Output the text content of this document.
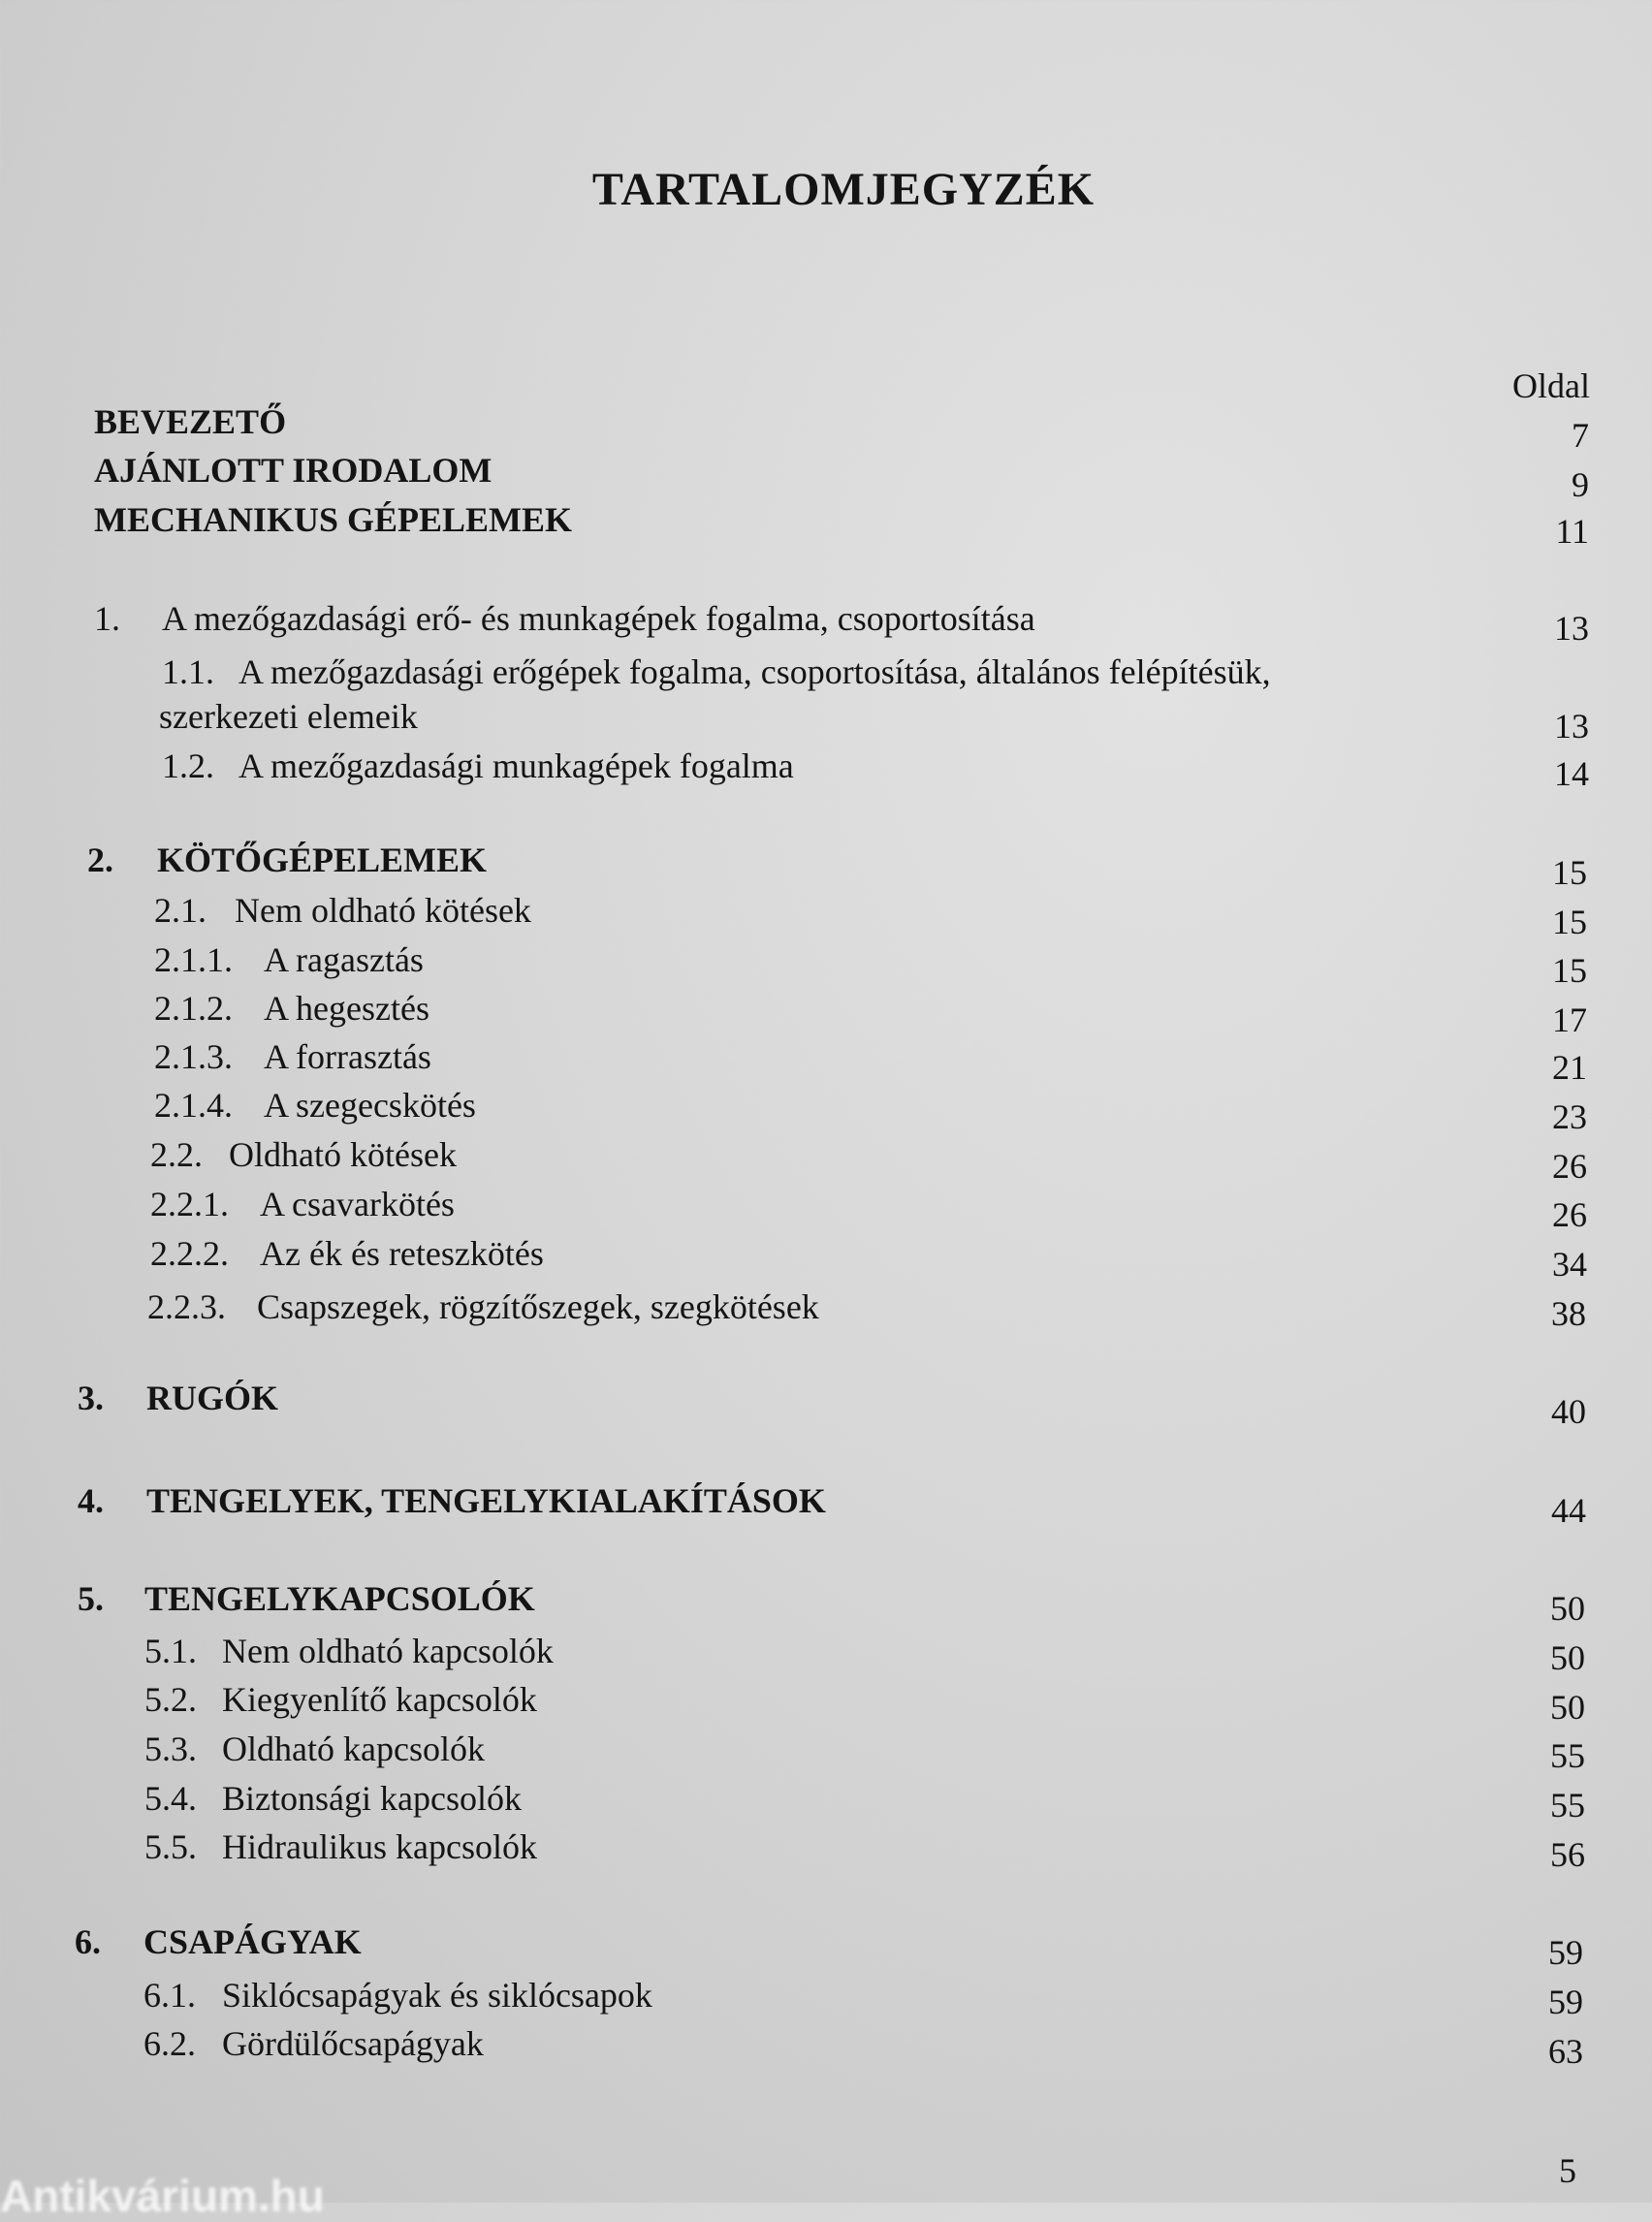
TARTALOMJEGYZÉK
Oldal
BEVEZETŐ	7
AJÁNLOTT IRODALOM	9
MECHANIKUS GÉPELEMEK	11
1. A mezőgazdasági erő- és munkagépek fogalma, csoportosítása	13
1.1. A mezőgazdasági erőgépek fogalma, csoportosítása, általános felépítésük,
szerkezeti elemeik	13
1.2. A mezőgazdasági munkagépek fogalma	14
2. KÖTŐGÉPELEMEK	15
2.1. Nem oldható kötések	15
2.1.1. A ragasztás	15
2.1.2. A hegesztés	17
2.1.3. A forrasztás	21
2.1.4. A szegecskötés	23
2.2. Oldható kötések	26
2.2.1. A csavarkötés	26
2.2.2. Az ék és reteszkötés	34
2.2.3. Csapszegek, rögzítőszegek, szegkötések	38
3. RUGÓK	40
4. TENGELYEK, TENGELYKIALAKÍTÁSOK	44
5. TENGELYKAPCSOLÓK	50
5.1. Nem oldható kapcsolók	50
5.2. Kiegyenlítő kapcsolók	50
5.3. Oldható kapcsolók	55
5.4. Biztonsági kapcsolók	55
5.5. Hidraulikus kapcsolók	56
6. CSAPÁGYAK	59
6.1. Siklócsapágyak és siklócsapok	59
6.2. Gördülőcsapágyak	63
5
Antikvárium.hu
